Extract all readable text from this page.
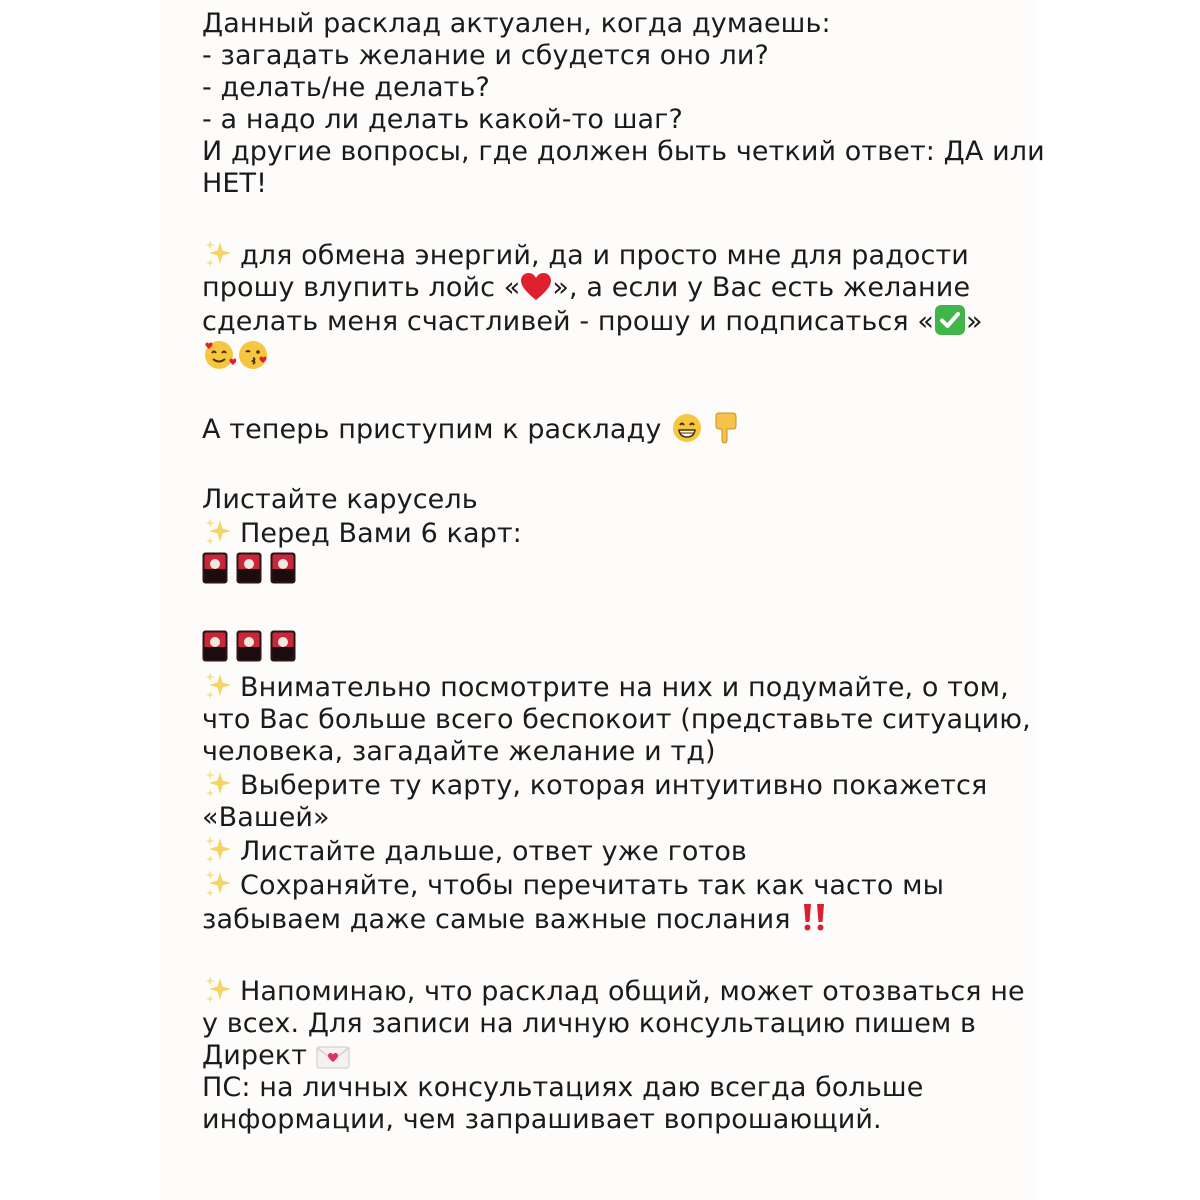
Данный расклад актуален, когда думаешь:
- загадать желание и сбудется оно ли?
- делать/не делать?
- а надо ли делать какой-то шаг?
И другие вопросы, где должен быть четкий ответ: ДА или
НЕТ!
для обмена энергий, да и просто мне для радости
прошу влупить лойс « », а если у Вас есть желание
сделать меня счастливей - прошу и подписаться « »
А теперь приступим к раскладу
Листайте карусель
Перед Вами 6 карт:
Внимательно посмотрите на них и подумайте, о том,
что Вас больше всего беспокоит (представьте ситуацию,
человека, загадайте желание и тд)
Выберите ту карту, которая интуитивно покажется
«Вашей»
Листайте дальше, ответ уже готов
Сохраняйте, чтобы перечитать так как часто мы
забываем даже самые важные послания
Напоминаю, что расклад общий, может отозваться не
у всех. Для записи на личную консультацию пишем в
Директ
ПС: на личных консультациях даю всегда больше
информации, чем запрашивает вопрошающий.
